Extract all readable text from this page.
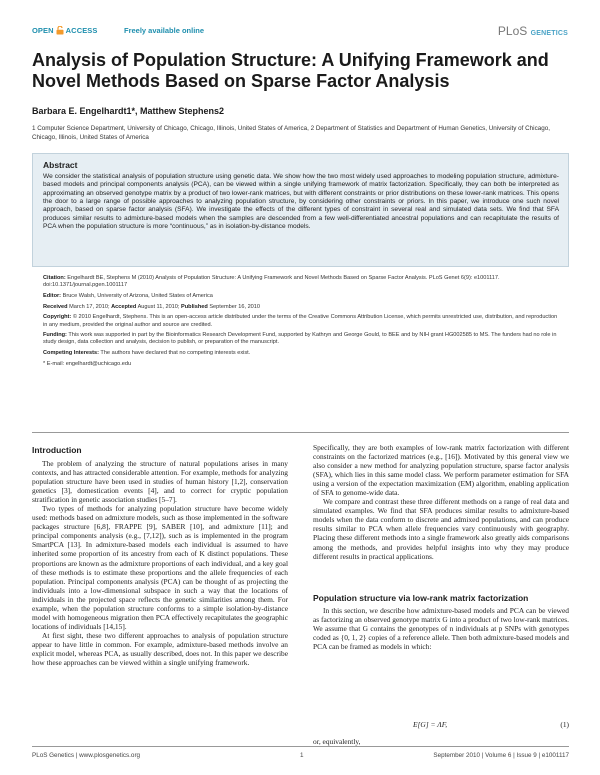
OPEN ACCESS	Freely available online	PLoS GENETICS
Analysis of Population Structure: A Unifying Framework and Novel Methods Based on Sparse Factor Analysis
Barbara E. Engelhardt1*, Matthew Stephens2
1 Computer Science Department, University of Chicago, Chicago, Illinois, United States of America, 2 Department of Statistics and Department of Human Genetics, University of Chicago, Chicago, Illinois, United States of America
Abstract
We consider the statistical analysis of population structure using genetic data. We show how the two most widely used approaches to modeling population structure, admixture-based models and principal components analysis (PCA), can be viewed within a single unifying framework of matrix factorization. Specifically, they can both be interpreted as approximating an observed genotype matrix by a product of two lower-rank matrices, but with different constraints or prior distributions on these lower-rank matrices. This opens the door to a large range of possible approaches to analyzing population structure, by considering other constraints or priors. In this paper, we introduce one such novel approach, based on sparse factor analysis (SFA). We investigate the effects of the different types of constraint in several real and simulated data sets. We find that SFA produces similar results to admixture-based models when the samples are descended from a few well-differentiated ancestral populations and can recapitulate the results of PCA when the population structure is more “continuous,” as in isolation-by-distance models.

Citation: Engelhardt BE, Stephens M (2010) Analysis of Population Structure: A Unifying Framework and Novel Methods Based on Sparse Factor Analysis. PLoS Genet 6(9): e1001117. doi:10.1371/journal.pgen.1001117

Editor: Bruce Walsh, University of Arizona, United States of America

Received March 17, 2010; Accepted August 11, 2010; Published September 16, 2010

Copyright: © 2010 Engelhardt, Stephens. This is an open-access article distributed under the terms of the Creative Commons Attribution License, which permits unrestricted use, distribution, and reproduction in any medium, provided the original author and source are credited.

Funding: This work was supported in part by the Bioinformatics Research Development Fund, supported by Kathryn and George Gould, to BEE and by NIH grant HG002585 to MS. The funders had no role in study design, data collection and analysis, decision to publish, or preparation of the manuscript.

Competing Interests: The authors have declared that no competing interests exist.

* E-mail: engelhardt@uchicago.edu

Introduction

The problem of analyzing the structure of natural populations arises in many contexts, and has attracted considerable attention. For example, methods for analyzing population structure have been used in studies of human history [1,2], conservation genetics [3], domestication events [4], and to correct for cryptic population stratification in genetic association studies [5–7].

Two types of methods for analyzing population structure have become widely used: methods based on admixture models, such as those implemented in the software packages structure [6,8], FRAPPE [9], SABER [10], and admixture [11]; and principal components analysis (e.g., [7,12]), such as is implemented in the program SmartPCA [13]. In admixture-based models each individual is assumed to have inherited some proportion of its ancestry from each of K distinct populations. These proportions are known as the admixture proportions of each individual, and a key goal of these methods is to estimate these proportions and the allele frequencies of each population. Principal components analysis (PCA) can be thought of as projecting the individuals into a low-dimensional subspace in such a way that the locations of individuals in the projected space reflects the genetic similarities among them. For example, when the population structure conforms to a simple isolation-by-distance model with homogeneous migration then PCA effectively recapitulates the geographic locations of individuals [14,15].

At first sight, these two different approaches to analysis of population structure appear to have little in common. For example, admixture-based methods involve an explicit model, whereas PCA, as usually described, does not. In this paper we describe how these approaches can be viewed within a single unifying framework.

Specifically, they are both examples of low-rank matrix factorization with different constraints on the factorized matrices (e.g., [16]). Motivated by this general view we also consider a new method for analyzing population structure, sparse factor analysis (SFA), which lies in this same model class. We perform parameter estimation for SFA using a version of the expectation maximization (EM) algorithm, enabling application of SFA to genome-wide data.

We compare and contrast these three different methods on a range of real data and simulated examples. We find that SFA produces similar results to admixture-based models when the data conform to discrete and admixed populations, and can produce results similar to PCA when allele frequencies vary continuously with geography. Placing these different methods into a single framework also greatly aids comparisons among the methods, and provides helpful insights into why they may produce different results in practical applications.

Population structure via low-rank matrix factorization

In this section, we describe how admixture-based models and PCA can be viewed as factorizing an observed genotype matrix G into a product of two low-rank matrices. We assume that G contains the genotypes of n individuals at p SNPs with genotypes coded as {0, 1, 2} copies of a reference allele. Then both admixture-based models and PCA can be framed as models in which:

E[G] = ΛF,	(1)
or, equivalently,
PLoS Genetics | www.plosgenetics.org	1	September 2010 | Volume 6 | Issue 9 | e1001117
